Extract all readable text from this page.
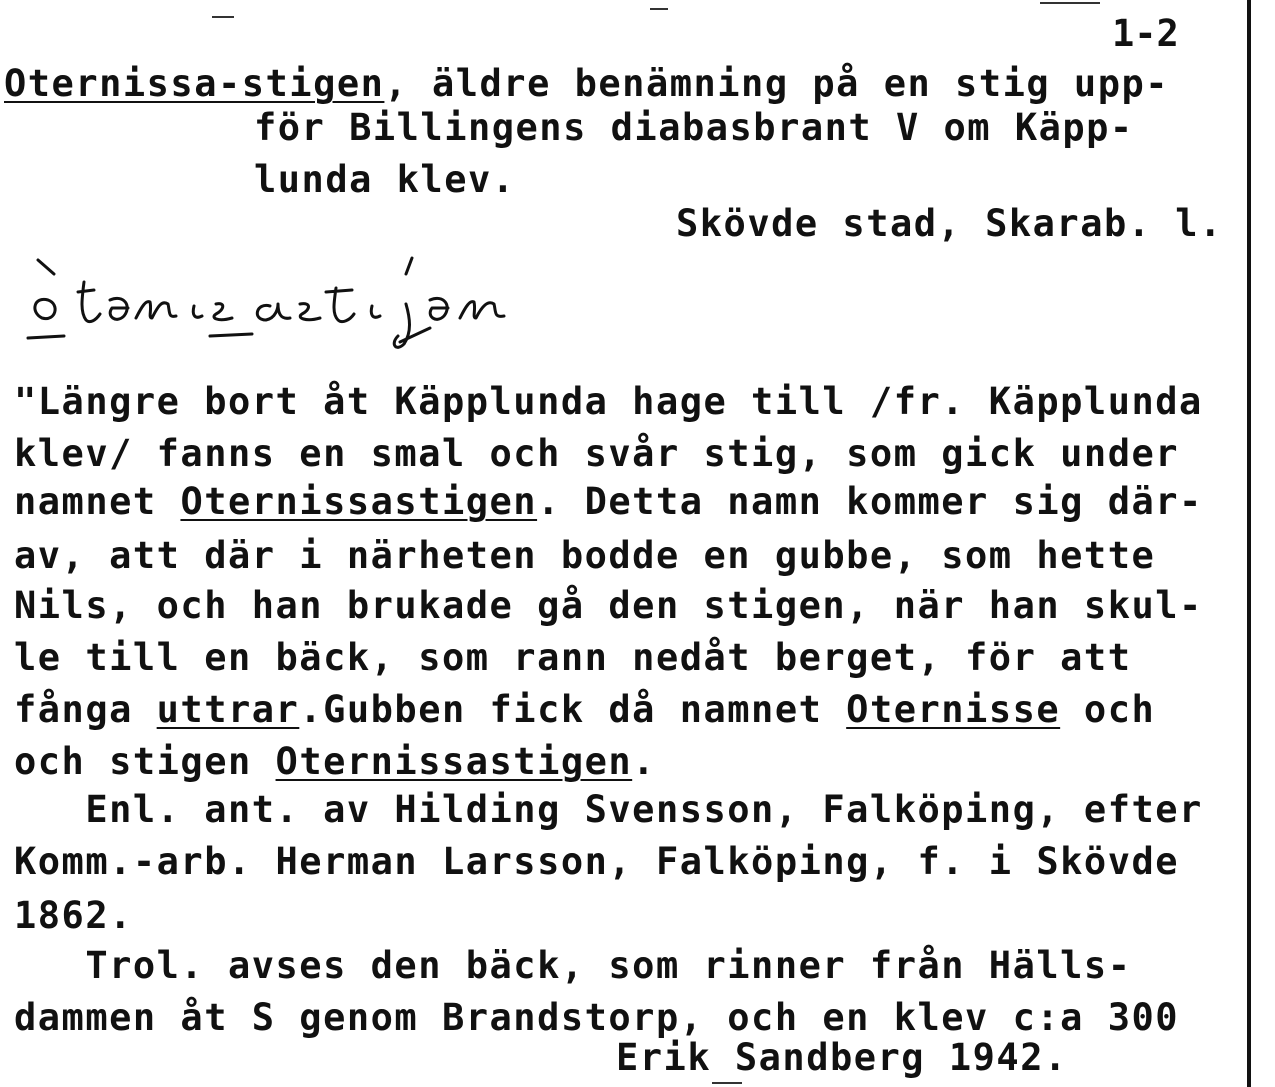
1-2
Oternissa-stigen, äldre benämning på en stig upp-
för Billingens diabasbrant V om Käpp-
lunda klev.
Skövde stad, Skarab. l.
"Längre bort åt Käpplunda hage till /fr. Käpplunda
klev/ fanns en smal och svår stig, som gick under
namnet Oternissastigen. Detta namn kommer sig där-
av, att där i närheten bodde en gubbe, som hette
Nils, och han brukade gå den stigen, när han skul-
le till en bäck, som rann nedåt berget, för att
fånga uttrar.Gubben fick då namnet Oternisse och
och stigen Oternissastigen.
Enl. ant. av Hilding Svensson, Falköping, efter
Komm.-arb. Herman Larsson, Falköping, f. i Skövde
1862.
Trol. avses den bäck, som rinner från Hälls-
dammen åt S genom Brandstorp, och en klev c:a 300
Erik Sandberg 1942.
